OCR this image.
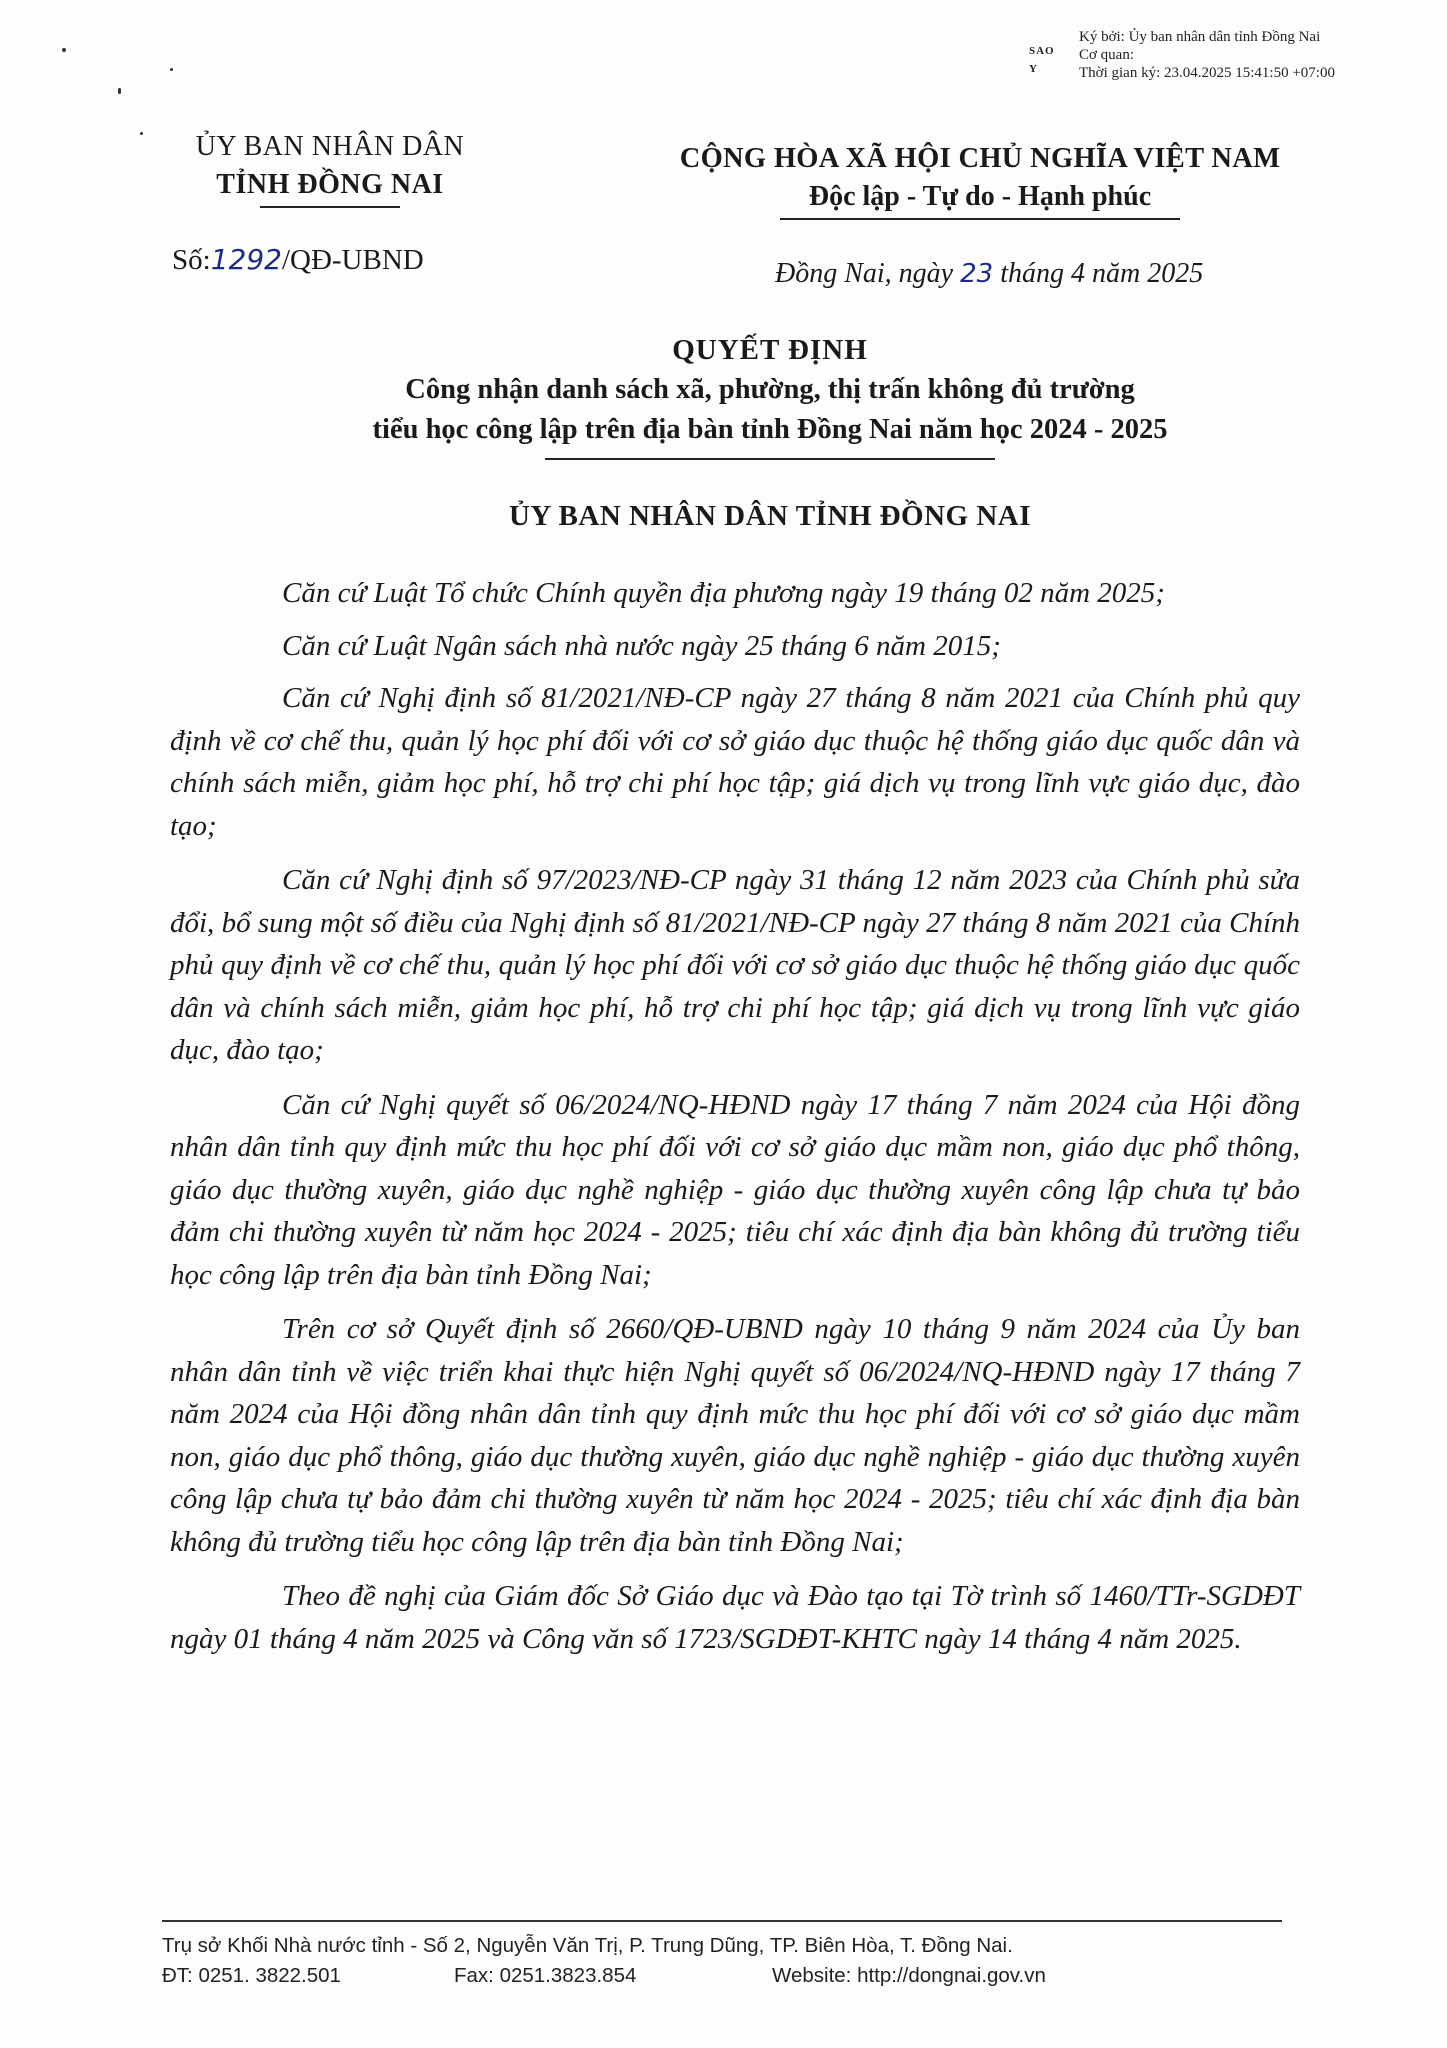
SAO Y
Ký bởi: Ủy ban nhân dân tỉnh Đồng Nai
Cơ quan:
Thời gian ký: 23.04.2025 15:41:50 +07:00
ỦY BAN NHÂN DÂN
TỈNH ĐỒNG NAI
Số:1292/QĐ-UBND
CỘNG HÒA XÃ HỘI CHỦ NGHĨA VIỆT NAM
Độc lập - Tự do - Hạnh phúc
Đồng Nai, ngày 23 tháng 4 năm 2025
QUYẾT ĐỊNH
Công nhận danh sách xã, phường, thị trấn không đủ trường
tiểu học công lập trên địa bàn tỉnh Đồng Nai năm học 2024 - 2025
ỦY BAN NHÂN DÂN TỈNH ĐỒNG NAI

Căn cứ Luật Tổ chức Chính quyền địa phương ngày 19 tháng 02 năm 2025;

Căn cứ Luật Ngân sách nhà nước ngày 25 tháng 6 năm 2015;

Căn cứ Nghị định số 81/2021/NĐ-CP ngày 27 tháng 8 năm 2021 của Chính phủ quy định về cơ chế thu, quản lý học phí đối với cơ sở giáo dục thuộc hệ thống giáo dục quốc dân và chính sách miễn, giảm học phí, hỗ trợ chi phí học tập; giá dịch vụ trong lĩnh vực giáo dục, đào tạo;

Căn cứ Nghị định số 97/2023/NĐ-CP ngày 31 tháng 12 năm 2023 của Chính phủ sửa đổi, bổ sung một số điều của Nghị định số 81/2021/NĐ-CP ngày 27 tháng 8 năm 2021 của Chính phủ quy định về cơ chế thu, quản lý học phí đối với cơ sở giáo dục thuộc hệ thống giáo dục quốc dân và chính sách miễn, giảm học phí, hỗ trợ chi phí học tập; giá dịch vụ trong lĩnh vực giáo dục, đào tạo;

Căn cứ Nghị quyết số 06/2024/NQ-HĐND ngày 17 tháng 7 năm 2024 của Hội đồng nhân dân tỉnh quy định mức thu học phí đối với cơ sở giáo dục mầm non, giáo dục phổ thông, giáo dục thường xuyên, giáo dục nghề nghiệp - giáo dục thường xuyên công lập chưa tự bảo đảm chi thường xuyên từ năm học 2024 - 2025; tiêu chí xác định địa bàn không đủ trường tiểu học công lập trên địa bàn tỉnh Đồng Nai;

Trên cơ sở Quyết định số 2660/QĐ-UBND ngày 10 tháng 9 năm 2024 của Ủy ban nhân dân tỉnh về việc triển khai thực hiện Nghị quyết số 06/2024/NQ-HĐND ngày 17 tháng 7 năm 2024 của Hội đồng nhân dân tỉnh quy định mức thu học phí đối với cơ sở giáo dục mầm non, giáo dục phổ thông, giáo dục thường xuyên, giáo dục nghề nghiệp - giáo dục thường xuyên công lập chưa tự bảo đảm chi thường xuyên từ năm học 2024 - 2025; tiêu chí xác định địa bàn không đủ trường tiểu học công lập trên địa bàn tỉnh Đồng Nai;

Theo đề nghị của Giám đốc Sở Giáo dục và Đào tạo tại Tờ trình số 1460/TTr-SGDĐT ngày 01 tháng 4 năm 2025 và Công văn số 1723/SGDĐT-KHTC ngày 14 tháng 4 năm 2025.

Trụ sở Khối Nhà nước tỉnh - Số 2, Nguyễn Văn Trị, P. Trung Dũng, TP. Biên Hòa, T. Đồng Nai.
ĐT: 0251. 3822.501	Fax: 0251.3823.854	Website: http://dongnai.gov.vn
